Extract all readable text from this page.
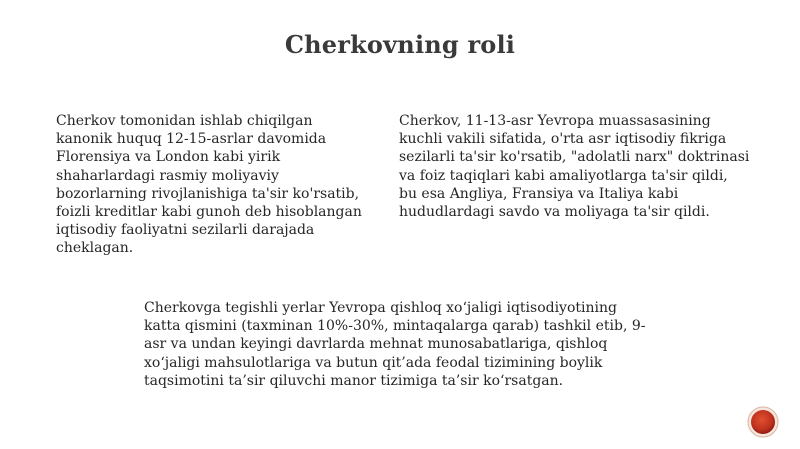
Cherkovning roli

Cherkov tomonidan ishlab chiqilgan
kanonik huquq 12-15-asrlar davomida
Florensiya va London kabi yirik
shaharlardagi rasmiy moliyaviy
bozorlarning rivojlanishiga ta'sir ko'rsatib,
foizli kreditlar kabi gunoh deb hisoblangan
iqtisodiy faoliyatni sezilarli darajada
cheklagan.

Cherkov, 11-13-asr Yevropa muassasasining
kuchli vakili sifatida, o'rta asr iqtisodiy fikriga
sezilarli ta'sir ko'rsatib, "adolatli narx" doktrinasi
va foiz taqiqlari kabi amaliyotlarga ta'sir qildi,
bu esa Angliya, Fransiya va Italiya kabi
hududlardagi savdo va moliyaga ta'sir qildi.

Cherkovga tegishli yerlar Yevropa qishloq xo‘jaligi iqtisodiyotining
katta qismini (taxminan 10%-30%, mintaqalarga qarab) tashkil etib, 9-
asr va undan keyingi davrlarda mehnat munosabatlariga, qishloq
xo‘jaligi mahsulotlariga va butun qit’ada feodal tizimining boylik
taqsimotini ta’sir qiluvchi manor tizimiga ta’sir ko‘rsatgan.
